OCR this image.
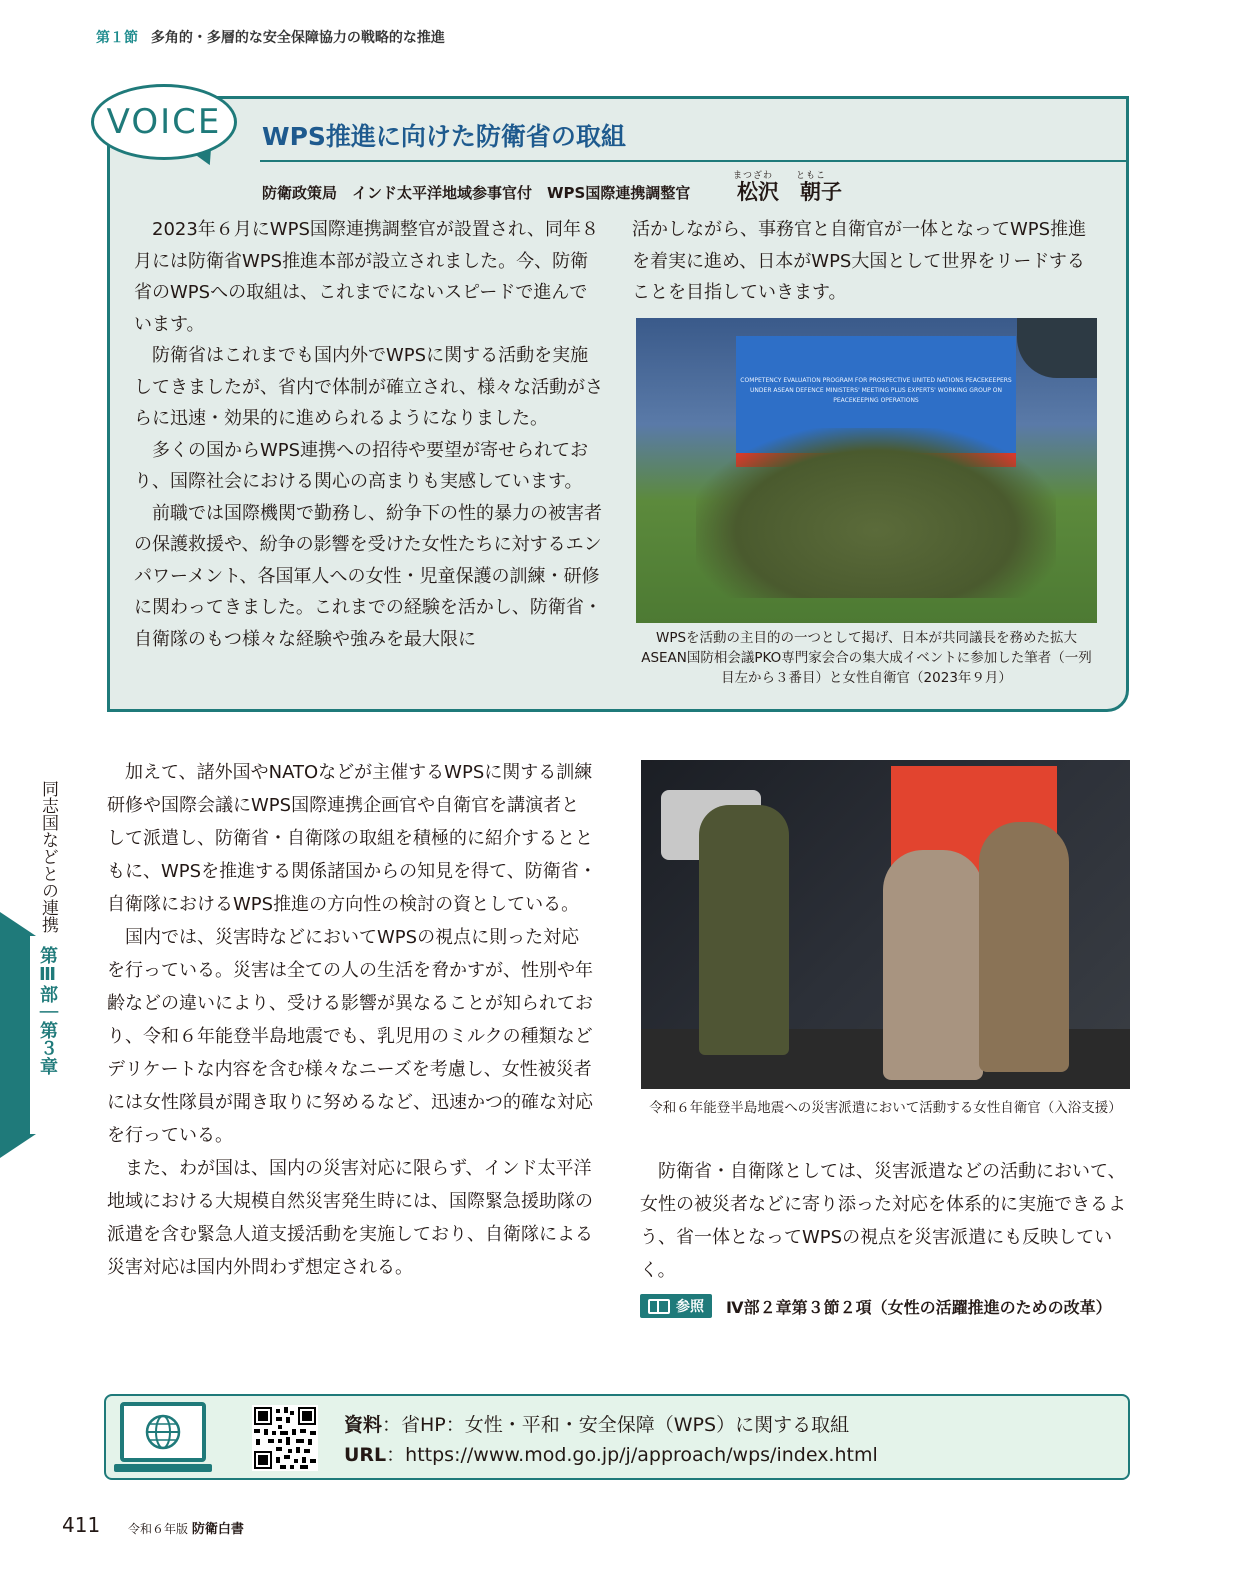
第１節 多角的・多層的な安全保障協力の戦略的な推進
VOICE	WPS推進に向けた防衛省の取組
防衛政策局　インド太平洋地域参事官付　WPS国際連携調整官
まつざわ	ともこ
松沢　朝子

2023年６月にWPS国際連携調整官が設置され、同年８月には防衛省WPS推進本部が設立されました。今、防衛省のWPSへの取組は、これまでにないスピードで進んでいます。

防衛省はこれまでも国内外でWPSに関する活動を実施してきましたが、省内で体制が確立され、様々な活動がさらに迅速・効果的に進められるようになりました。

多くの国からWPS連携への招待や要望が寄せられており、国際社会における関心の高まりも実感しています。

前職では国際機関で勤務し、紛争下の性的暴力の被害者の保護救援や、紛争の影響を受けた女性たちに対するエンパワーメント、各国軍人への女性・児童保護の訓練・研修に関わってきました。これまでの経験を活かし、防衛省・自衛隊のもつ様々な経験や強みを最大限に

活かしながら、事務官と自衛官が一体となってWPS推進を着実に進め、日本がWPS大国として世界をリードすることを目指していきます。

COMPETENCY EVALUATION PROGRAM FOR PROSPECTIVE UNITED NATIONS PEACEKEEPERS UNDER ASEAN DEFENCE MINISTERS' MEETING PLUS EXPERTS' WORKING GROUP ON PEACEKEEPING OPERATIONS
WPSを活動の主目的の一つとして掲げ、日本が共同議長を務めた拡大ASEAN国防相会議PKO専門家会合の集大成イベントに参加した筆者（一列目左から３番目）と女性自衛官（2023年９月）
同志国などとの連携
第Ⅲ部｜第３章

加えて、諸外国やNATOなどが主催するWPSに関する訓練研修や国際会議にWPS国際連携企画官や自衛官を講演者として派遣し、防衛省・自衛隊の取組を積極的に紹介するとともに、WPSを推進する関係諸国からの知見を得て、防衛省・自衛隊におけるWPS推進の方向性の検討の資としている。

国内では、災害時などにおいてWPSの視点に則った対応を行っている。災害は全ての人の生活を脅かすが、性別や年齢などの違いにより、受ける影響が異なることが知られており、令和６年能登半島地震でも、乳児用のミルクの種類などデリケートな内容を含む様々なニーズを考慮し、女性被災者には女性隊員が聞き取りに努めるなど、迅速かつ的確な対応を行っている。

また、わが国は、国内の災害対応に限らず、インド太平洋地域における大規模自然災害発生時には、国際緊急援助隊の派遣を含む緊急人道支援活動を実施しており、自衛隊による災害対応は国内外問わず想定される。

令和６年能登半島地震への災害派遣において活動する女性自衛官（入浴支援）

防衛省・自衛隊としては、災害派遣などの活動において、女性の被災者などに寄り添った対応を体系的に実施できるよう、省一体となってWPSの視点を災害派遣にも反映していく。

参照 Ⅳ部２章第３節２項（女性の活躍推進のための改革）
資料：省HP：女性・平和・安全保障（WPS）に関する取組
URL：https://www.mod.go.jp/j/approach/wps/index.html
411 令和６年版 防衛白書
